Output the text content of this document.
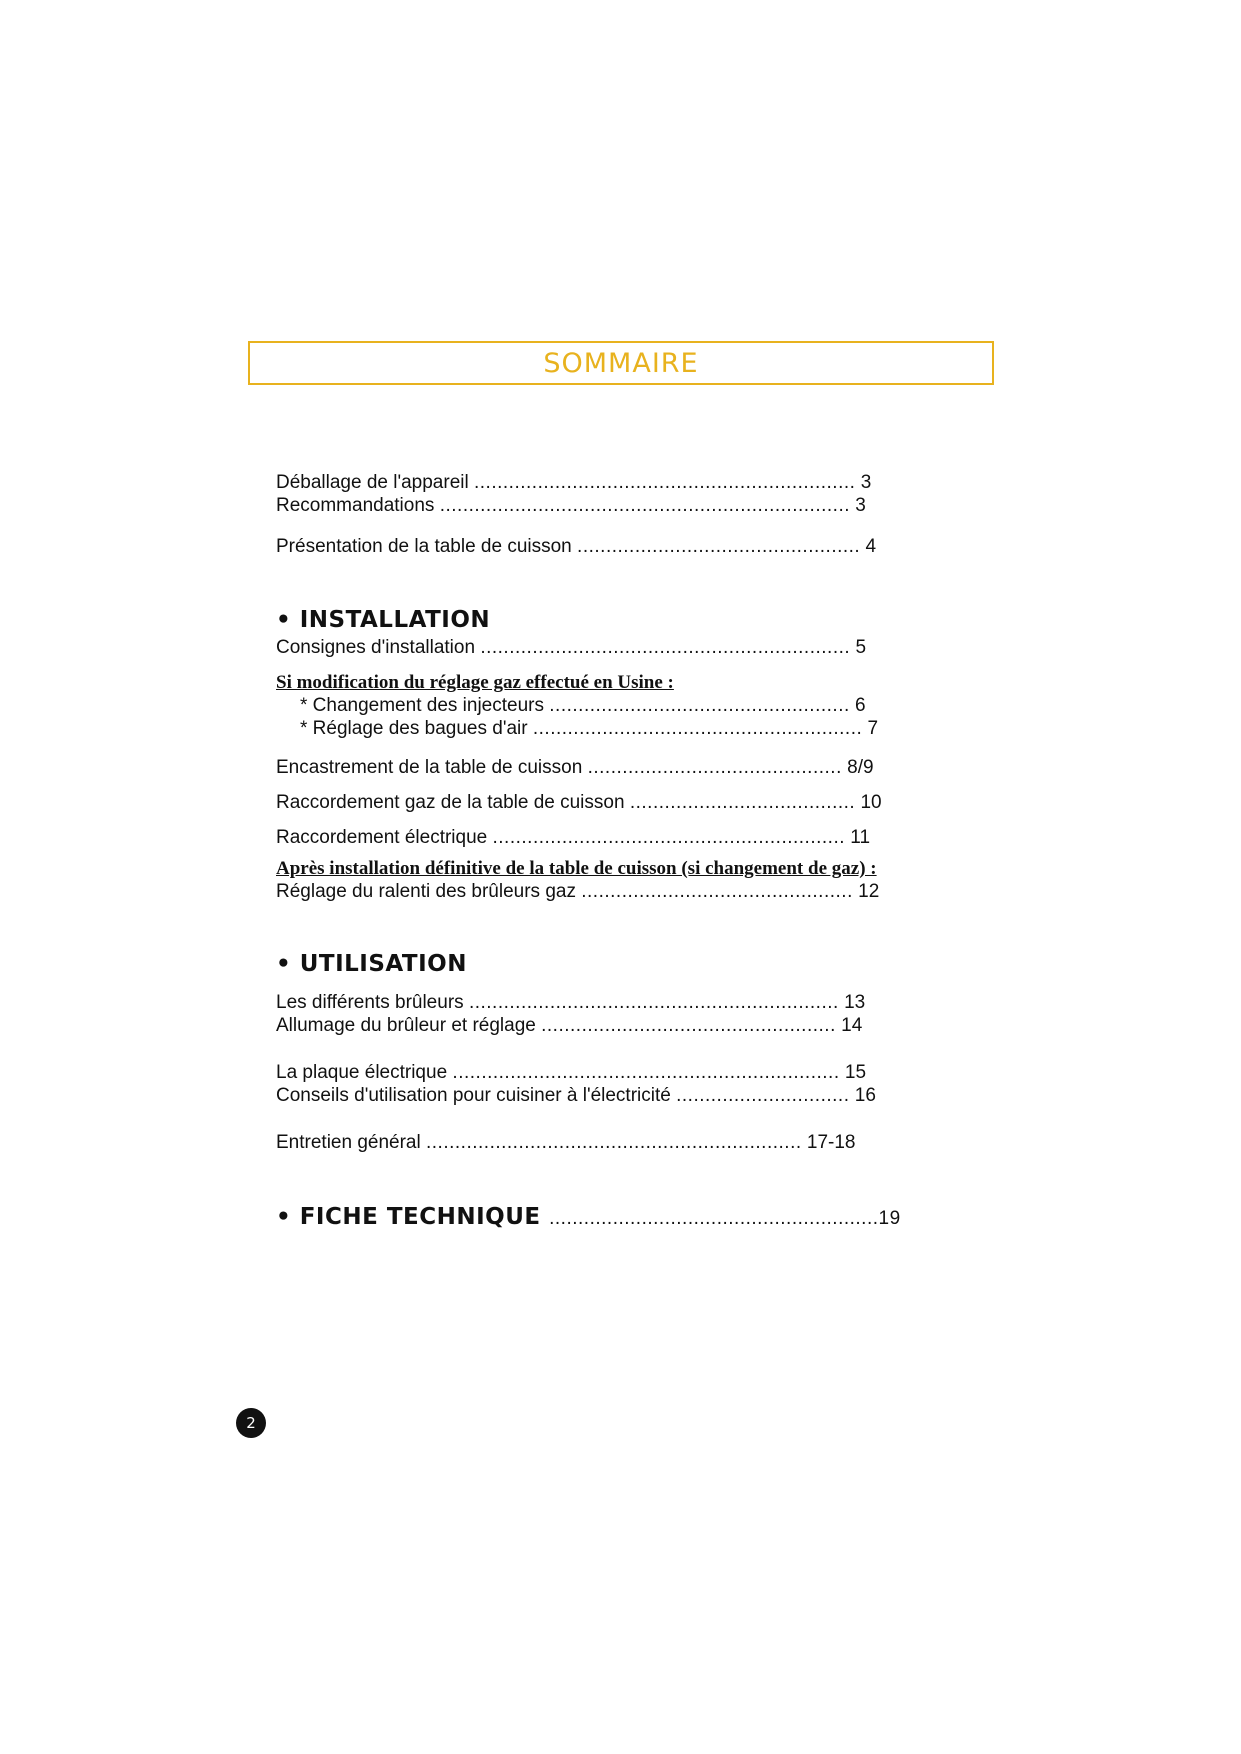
SOMMAIRE
Déballage de l'appareil .................................................................. 3
Recommandations ....................................................................... 3
Présentation de la table de cuisson ................................................. 4
• INSTALLATION
Consignes d'installation ................................................................ 5
Si modification du réglage gaz effectué en Usine :
* Changement des injecteurs .................................................... 6
* Réglage des bagues d'air ......................................................... 7
Encastrement de la table de cuisson ............................................ 8/9
Raccordement gaz de la table de cuisson ....................................... 10
Raccordement électrique ............................................................. 11
Après installation définitive de la table de cuisson (si changement de gaz) :
Réglage du ralenti des brûleurs gaz ............................................... 12
• UTILISATION
Les différents brûleurs ................................................................ 13
Allumage du brûleur et réglage ................................................... 14
La plaque électrique ................................................................... 15
Conseils d'utilisation pour cuisiner à l'électricité .............................. 16
Entretien général ................................................................. 17-18
• FICHE TECHNIQUE .........................................................19
2
